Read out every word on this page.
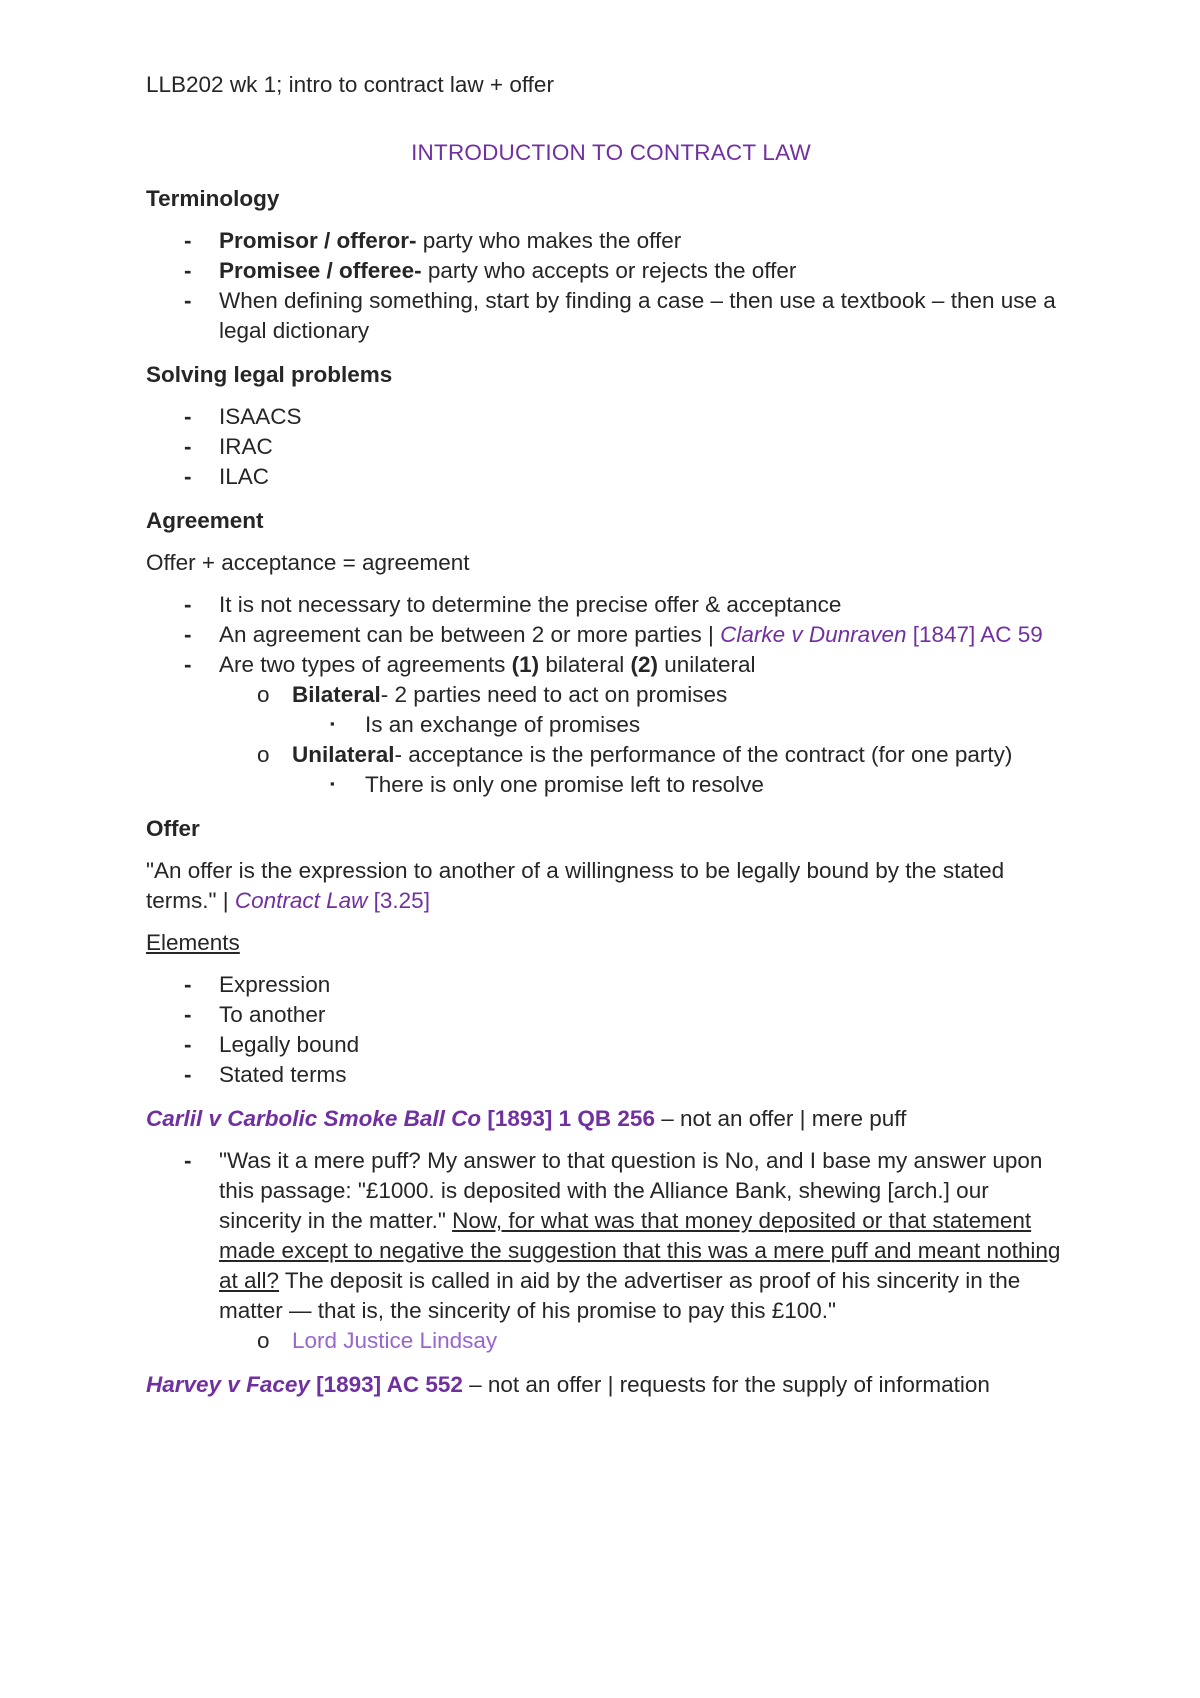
LLB202 wk 1; intro to contract law + offer
INTRODUCTION TO CONTRACT LAW
Terminology
- Promisor / offeror- party who makes the offer
- Promisee / offeree- party who accepts or rejects the offer
- When defining something, start by finding a case – then use a textbook – then use a legal dictionary
Solving legal problems
- ISAACS
- IRAC
- ILAC
Agreement
Offer + acceptance = agreement
- It is not necessary to determine the precise offer & acceptance
- An agreement can be between 2 or more parties | Clarke v Dunraven [1847] AC 59
- Are two types of agreements (1) bilateral (2) unilateral
o Bilateral- 2 parties need to act on promises
▪ Is an exchange of promises
o Unilateral- acceptance is the performance of the contract (for one party)
▪ There is only one promise left to resolve
Offer
"An offer is the expression to another of a willingness to be legally bound by the stated terms." | Contract Law [3.25]
Elements
- Expression
- To another
- Legally bound
- Stated terms
Carlil v Carbolic Smoke Ball Co [1893] 1 QB 256 – not an offer | mere puff
- "Was it a mere puff? My answer to that question is No, and I base my answer upon this passage: "£1000. is deposited with the Alliance Bank, shewing [arch.] our sincerity in the matter." Now, for what was that money deposited or that statement made except to negative the suggestion that this was a mere puff and meant nothing at all? The deposit is called in aid by the advertiser as proof of his sincerity in the matter — that is, the sincerity of his promise to pay this £100."
o Lord Justice Lindsay
Harvey v Facey [1893] AC 552 – not an offer | requests for the supply of information
